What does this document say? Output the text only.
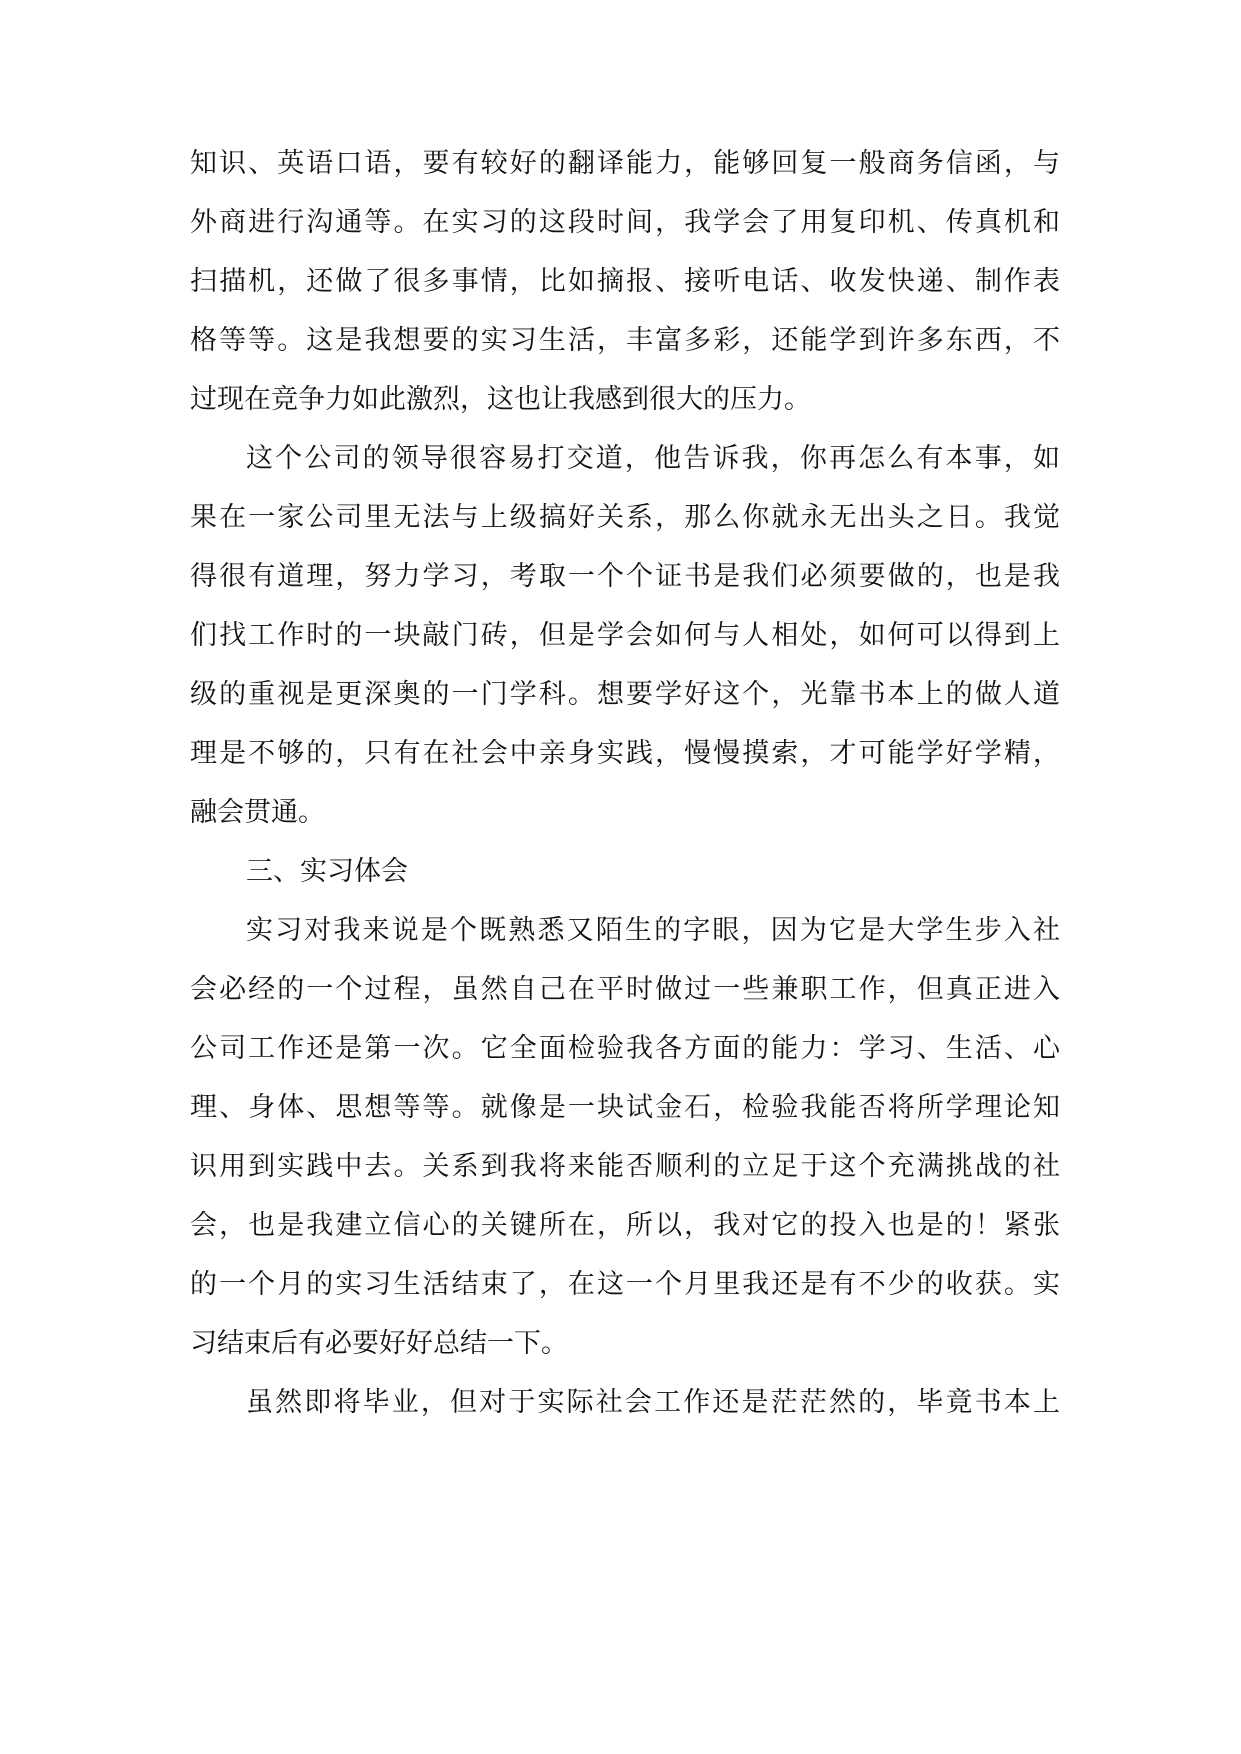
知识、英语口语，要有较好的翻译能力，能够回复一般商务信函，与
外商进行沟通等。在实习的这段时间，我学会了用复印机、传真机和
扫描机，还做了很多事情，比如摘报、接听电话、收发快递、制作表
格等等。这是我想要的实习生活，丰富多彩，还能学到许多东西，不
过现在竞争力如此激烈，这也让我感到很大的压力。
这个公司的领导很容易打交道，他告诉我，你再怎么有本事，如
果在一家公司里无法与上级搞好关系，那么你就永无出头之日。我觉
得很有道理，努力学习，考取一个个证书是我们必须要做的，也是我
们找工作时的一块敲门砖，但是学会如何与人相处，如何可以得到上
级的重视是更深奥的一门学科。想要学好这个，光靠书本上的做人道
理是不够的，只有在社会中亲身实践，慢慢摸索，才可能学好学精，
融会贯通。
三、实习体会
实习对我来说是个既熟悉又陌生的字眼，因为它是大学生步入社
会必经的一个过程，虽然自己在平时做过一些兼职工作，但真正进入
公司工作还是第一次。它全面检验我各方面的能力：学习、生活、心
理、身体、思想等等。就像是一块试金石，检验我能否将所学理论知
识用到实践中去。关系到我将来能否顺利的立足于这个充满挑战的社
会，也是我建立信心的关键所在，所以，我对它的投入也是的！紧张
的一个月的实习生活结束了，在这一个月里我还是有不少的收获。实
习结束后有必要好好总结一下。
虽然即将毕业，但对于实际社会工作还是茫茫然的，毕竟书本上
